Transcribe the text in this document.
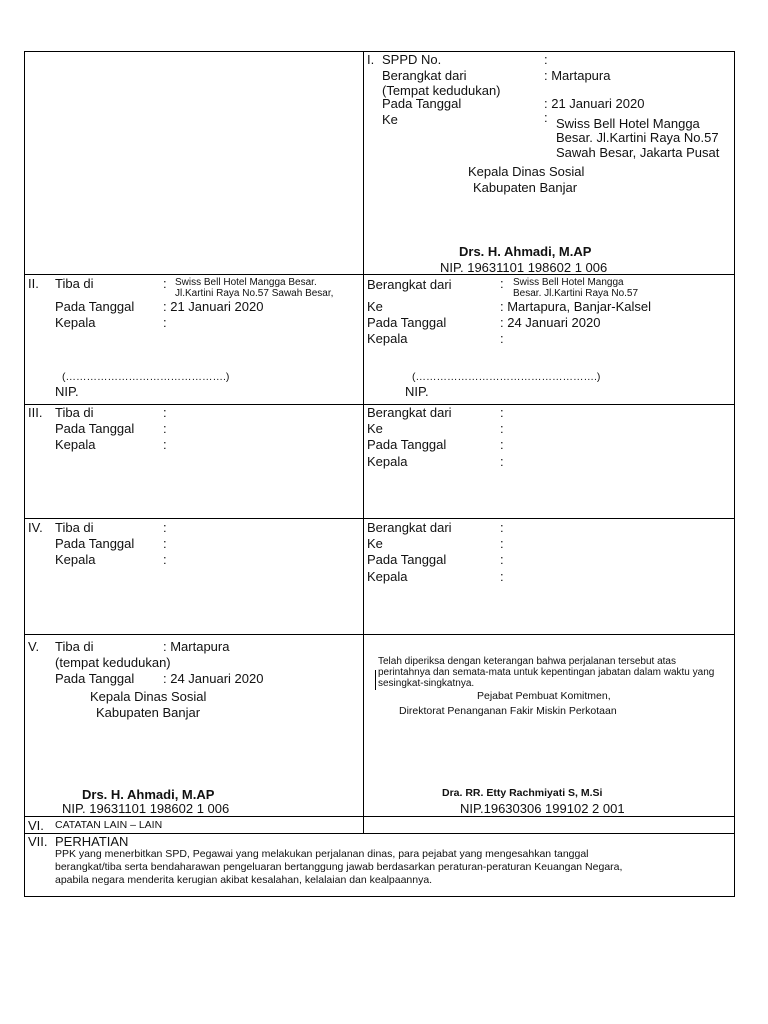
I. SPPD No.	:
Berangkat dari	: Martapura
(Tempat kedudukan)
Pada Tanggal	: 21 Januari 2020
Ke	: Swiss Bell Hotel Mangga
Besar. Jl.Kartini Raya No.57
Sawah Besar, Jakarta Pusat
Kepala Dinas Sosial
Kabupaten Banjar
Drs. H. Ahmadi, M.AP
NIP. 19631101 198602 1 006
II. Tiba di	: Swiss Bell Hotel Mangga Besar.
Jl.Kartini Raya No.57 Sawah Besar,
Pada Tanggal : 21 Januari 2020
Kepala	:
(……………………………………….)
NIP.
Berangkat dari	: Swiss Bell Hotel Mangga
Besar. Jl.Kartini Raya No.57
Ke	: Martapura, Banjar-Kalsel
Pada Tanggal	: 24 Januari 2020
Kepala	:
(…………………………………………….)
NIP.
III. Tiba di	:
Pada Tanggal :
Kepala	:
Berangkat dari	:
Ke	:
Pada Tanggal	:
Kepala	:
IV. Tiba di	:
Pada Tanggal :
Kepala	:
Berangkat dari	:
Ke	:
Pada Tanggal	:
Kepala	:
V. Tiba di	: Martapura
(tempat kedudukan)
Pada Tanggal : 24 Januari 2020
Kepala Dinas Sosial
Kabupaten Banjar
Drs. H. Ahmadi, M.AP
NIP. 19631101 198602 1 006
Telah diperiksa dengan keterangan bahwa perjalanan tersebut atas perintahnya dan semata-mata untuk kepentingan jabatan dalam waktu yang sesingkat-singkatnya.
Pejabat Pembuat Komitmen,
Direktorat Penanganan Fakir Miskin Perkotaan
Dra. RR. Etty Rachmiyati S, M.Si
NIP.19630306 199102 2 001
VI. CATATAN LAIN – LAIN
VII. PERHATIAN
PPK yang menerbitkan SPD, Pegawai yang melakukan perjalanan dinas, para pejabat yang mengesahkan tanggal
berangkat/tiba serta bendaharawan pengeluaran bertanggung jawab berdasarkan peraturan-peraturan Keuangan Negara,
apabila negara menderita kerugian akibat kesalahan, kelalaian dan kealpaannya.
